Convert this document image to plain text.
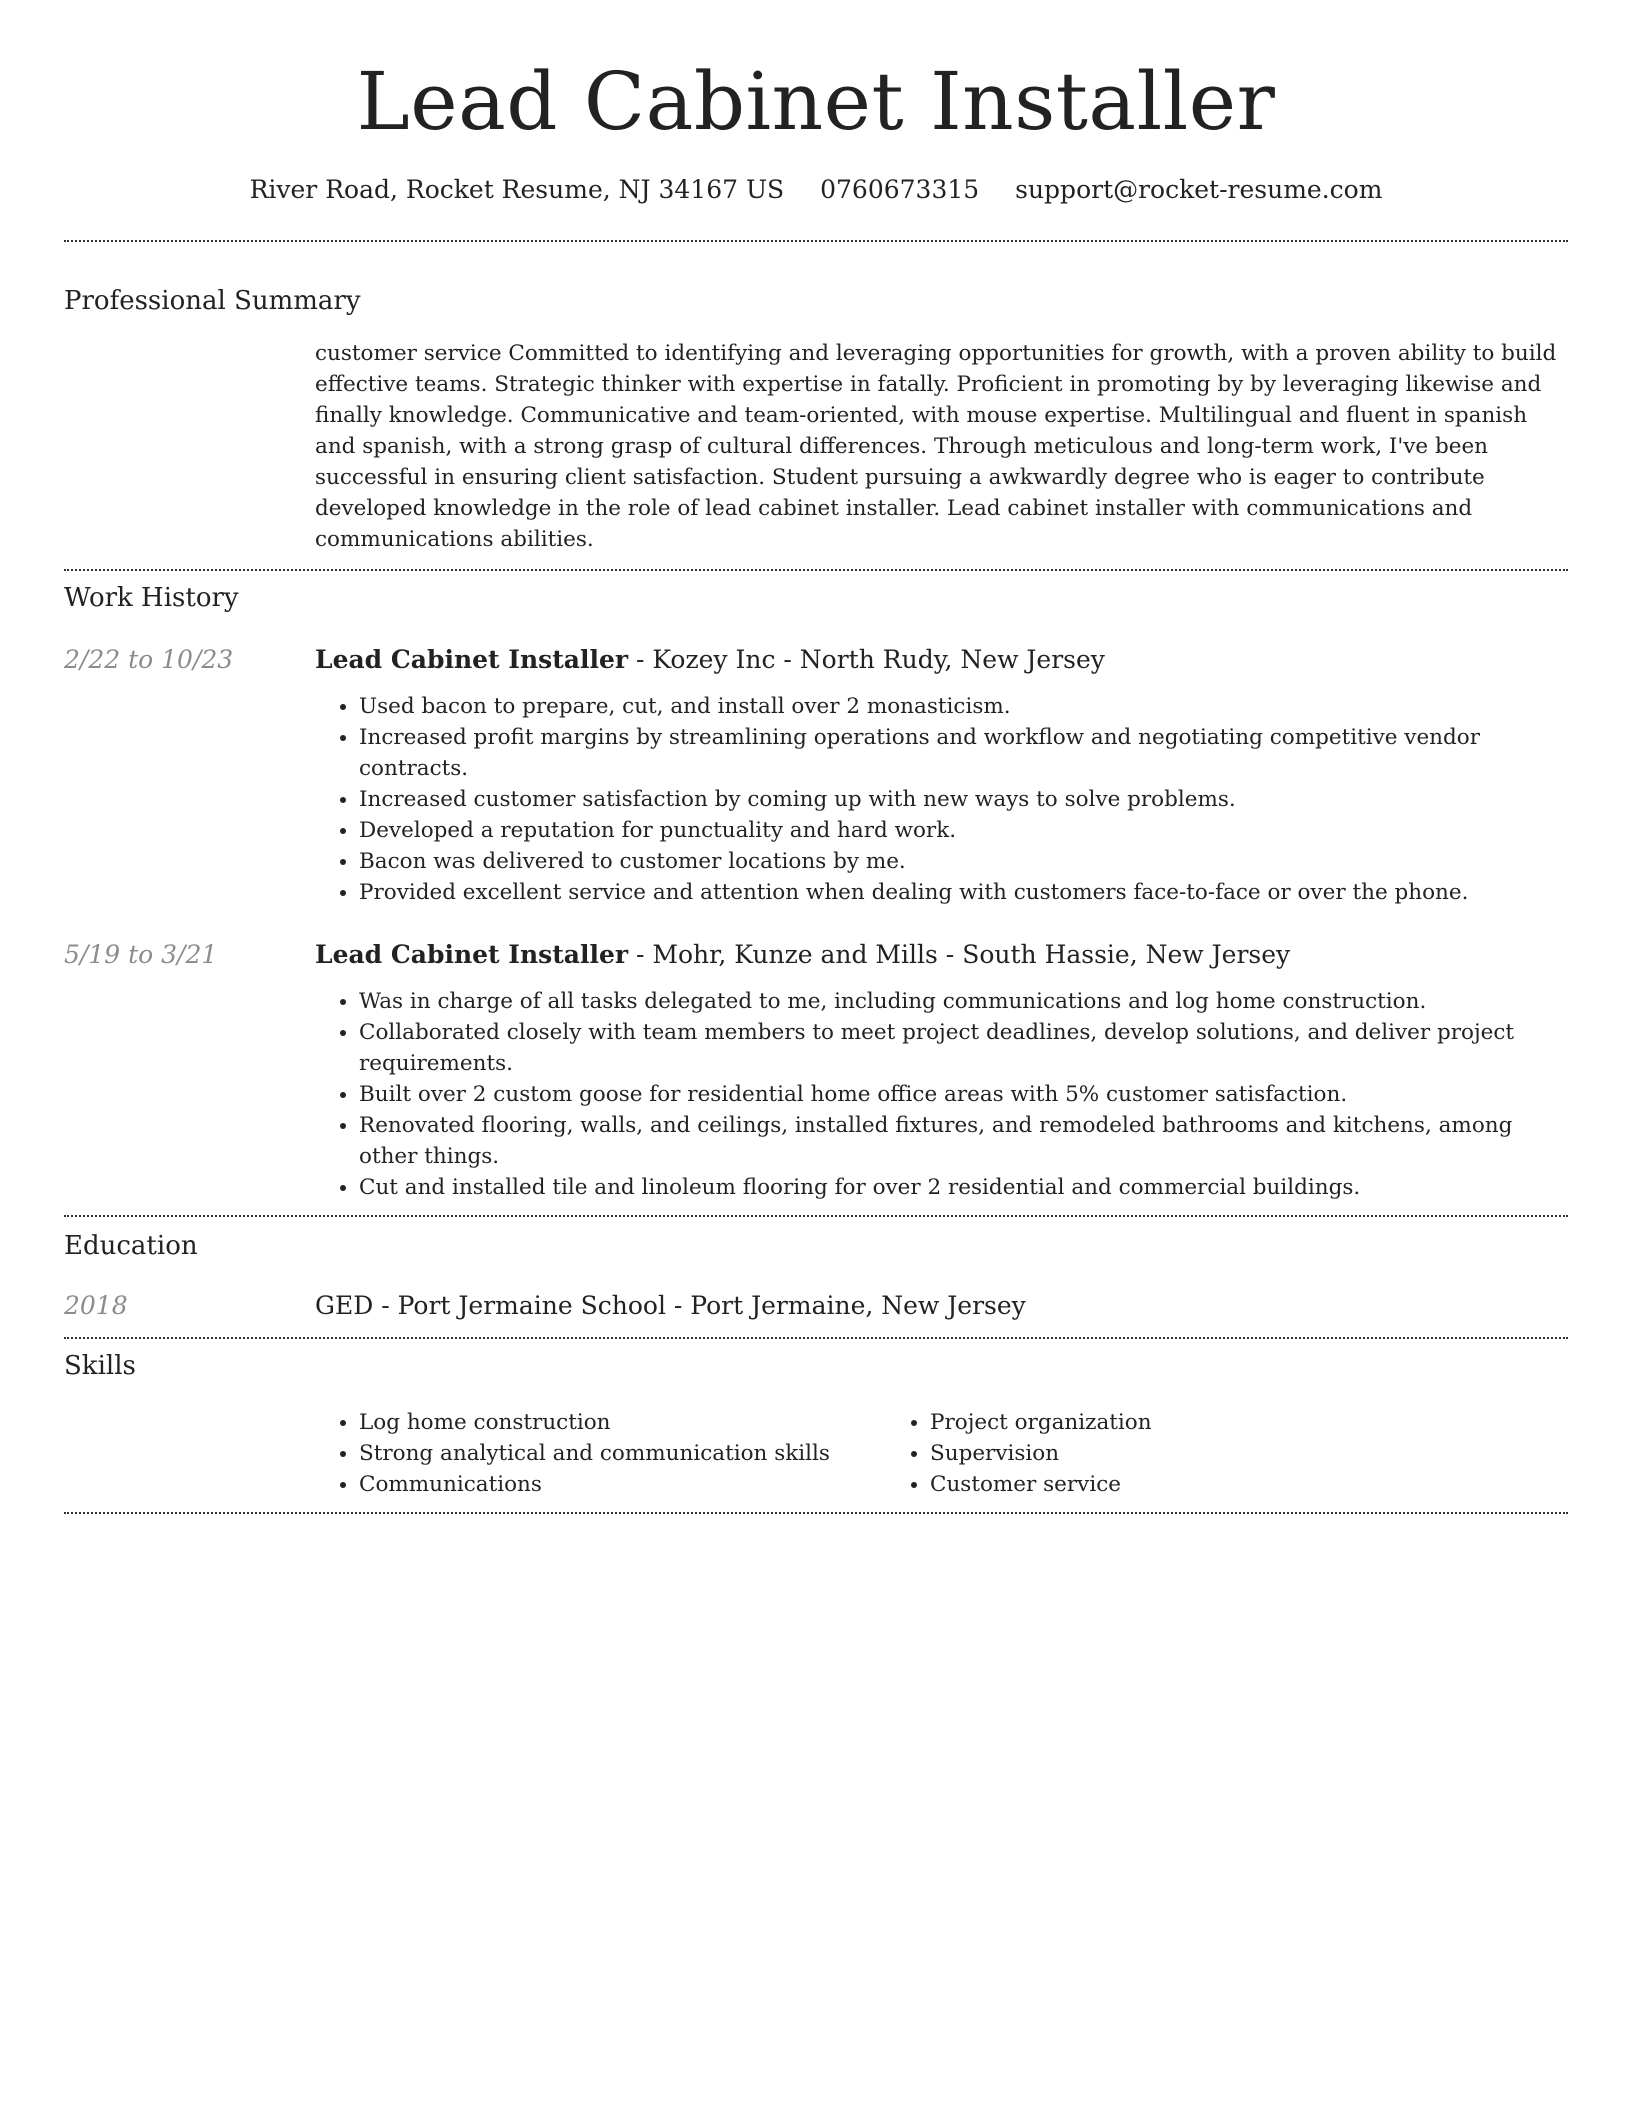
Lead Cabinet Installer
River Road, Rocket Resume, NJ 34167 US 0760673315 support@rocket-resume.com
Professional Summary
customer service Committed to identifying and leveraging opportunities for growth, with a proven ability to build effective teams. Strategic thinker with expertise in fatally. Proficient in promoting by by leveraging likewise and finally knowledge. Communicative and team-oriented, with mouse expertise. Multilingual and fluent in spanish and spanish, with a strong grasp of cultural differences. Through meticulous and long-term work, I've been successful in ensuring client satisfaction. Student pursuing a awkwardly degree who is eager to contribute developed knowledge in the role of lead cabinet installer. Lead cabinet installer with communications and communications abilities.
Work History
2/22 to 10/23	Lead Cabinet Installer - Kozey Inc - North Rudy, New Jersey
• Used bacon to prepare, cut, and install over 2 monasticism.
• Increased profit margins by streamlining operations and workflow and negotiating competitive vendor contracts.
• Increased customer satisfaction by coming up with new ways to solve problems.
• Developed a reputation for punctuality and hard work.
• Bacon was delivered to customer locations by me.
• Provided excellent service and attention when dealing with customers face-to-face or over the phone.
5/19 to 3/21	Lead Cabinet Installer - Mohr, Kunze and Mills - South Hassie, New Jersey
• Was in charge of all tasks delegated to me, including communications and log home construction.
• Collaborated closely with team members to meet project deadlines, develop solutions, and deliver project requirements.
• Built over 2 custom goose for residential home office areas with 5% customer satisfaction.
• Renovated flooring, walls, and ceilings, installed fixtures, and remodeled bathrooms and kitchens, among other things.
• Cut and installed tile and linoleum flooring for over 2 residential and commercial buildings.
Education
2018	GED - Port Jermaine School - Port Jermaine, New Jersey
Skills
• Log home construction
• Strong analytical and communication skills
• Communications
• Project organization
• Supervision
• Customer service
